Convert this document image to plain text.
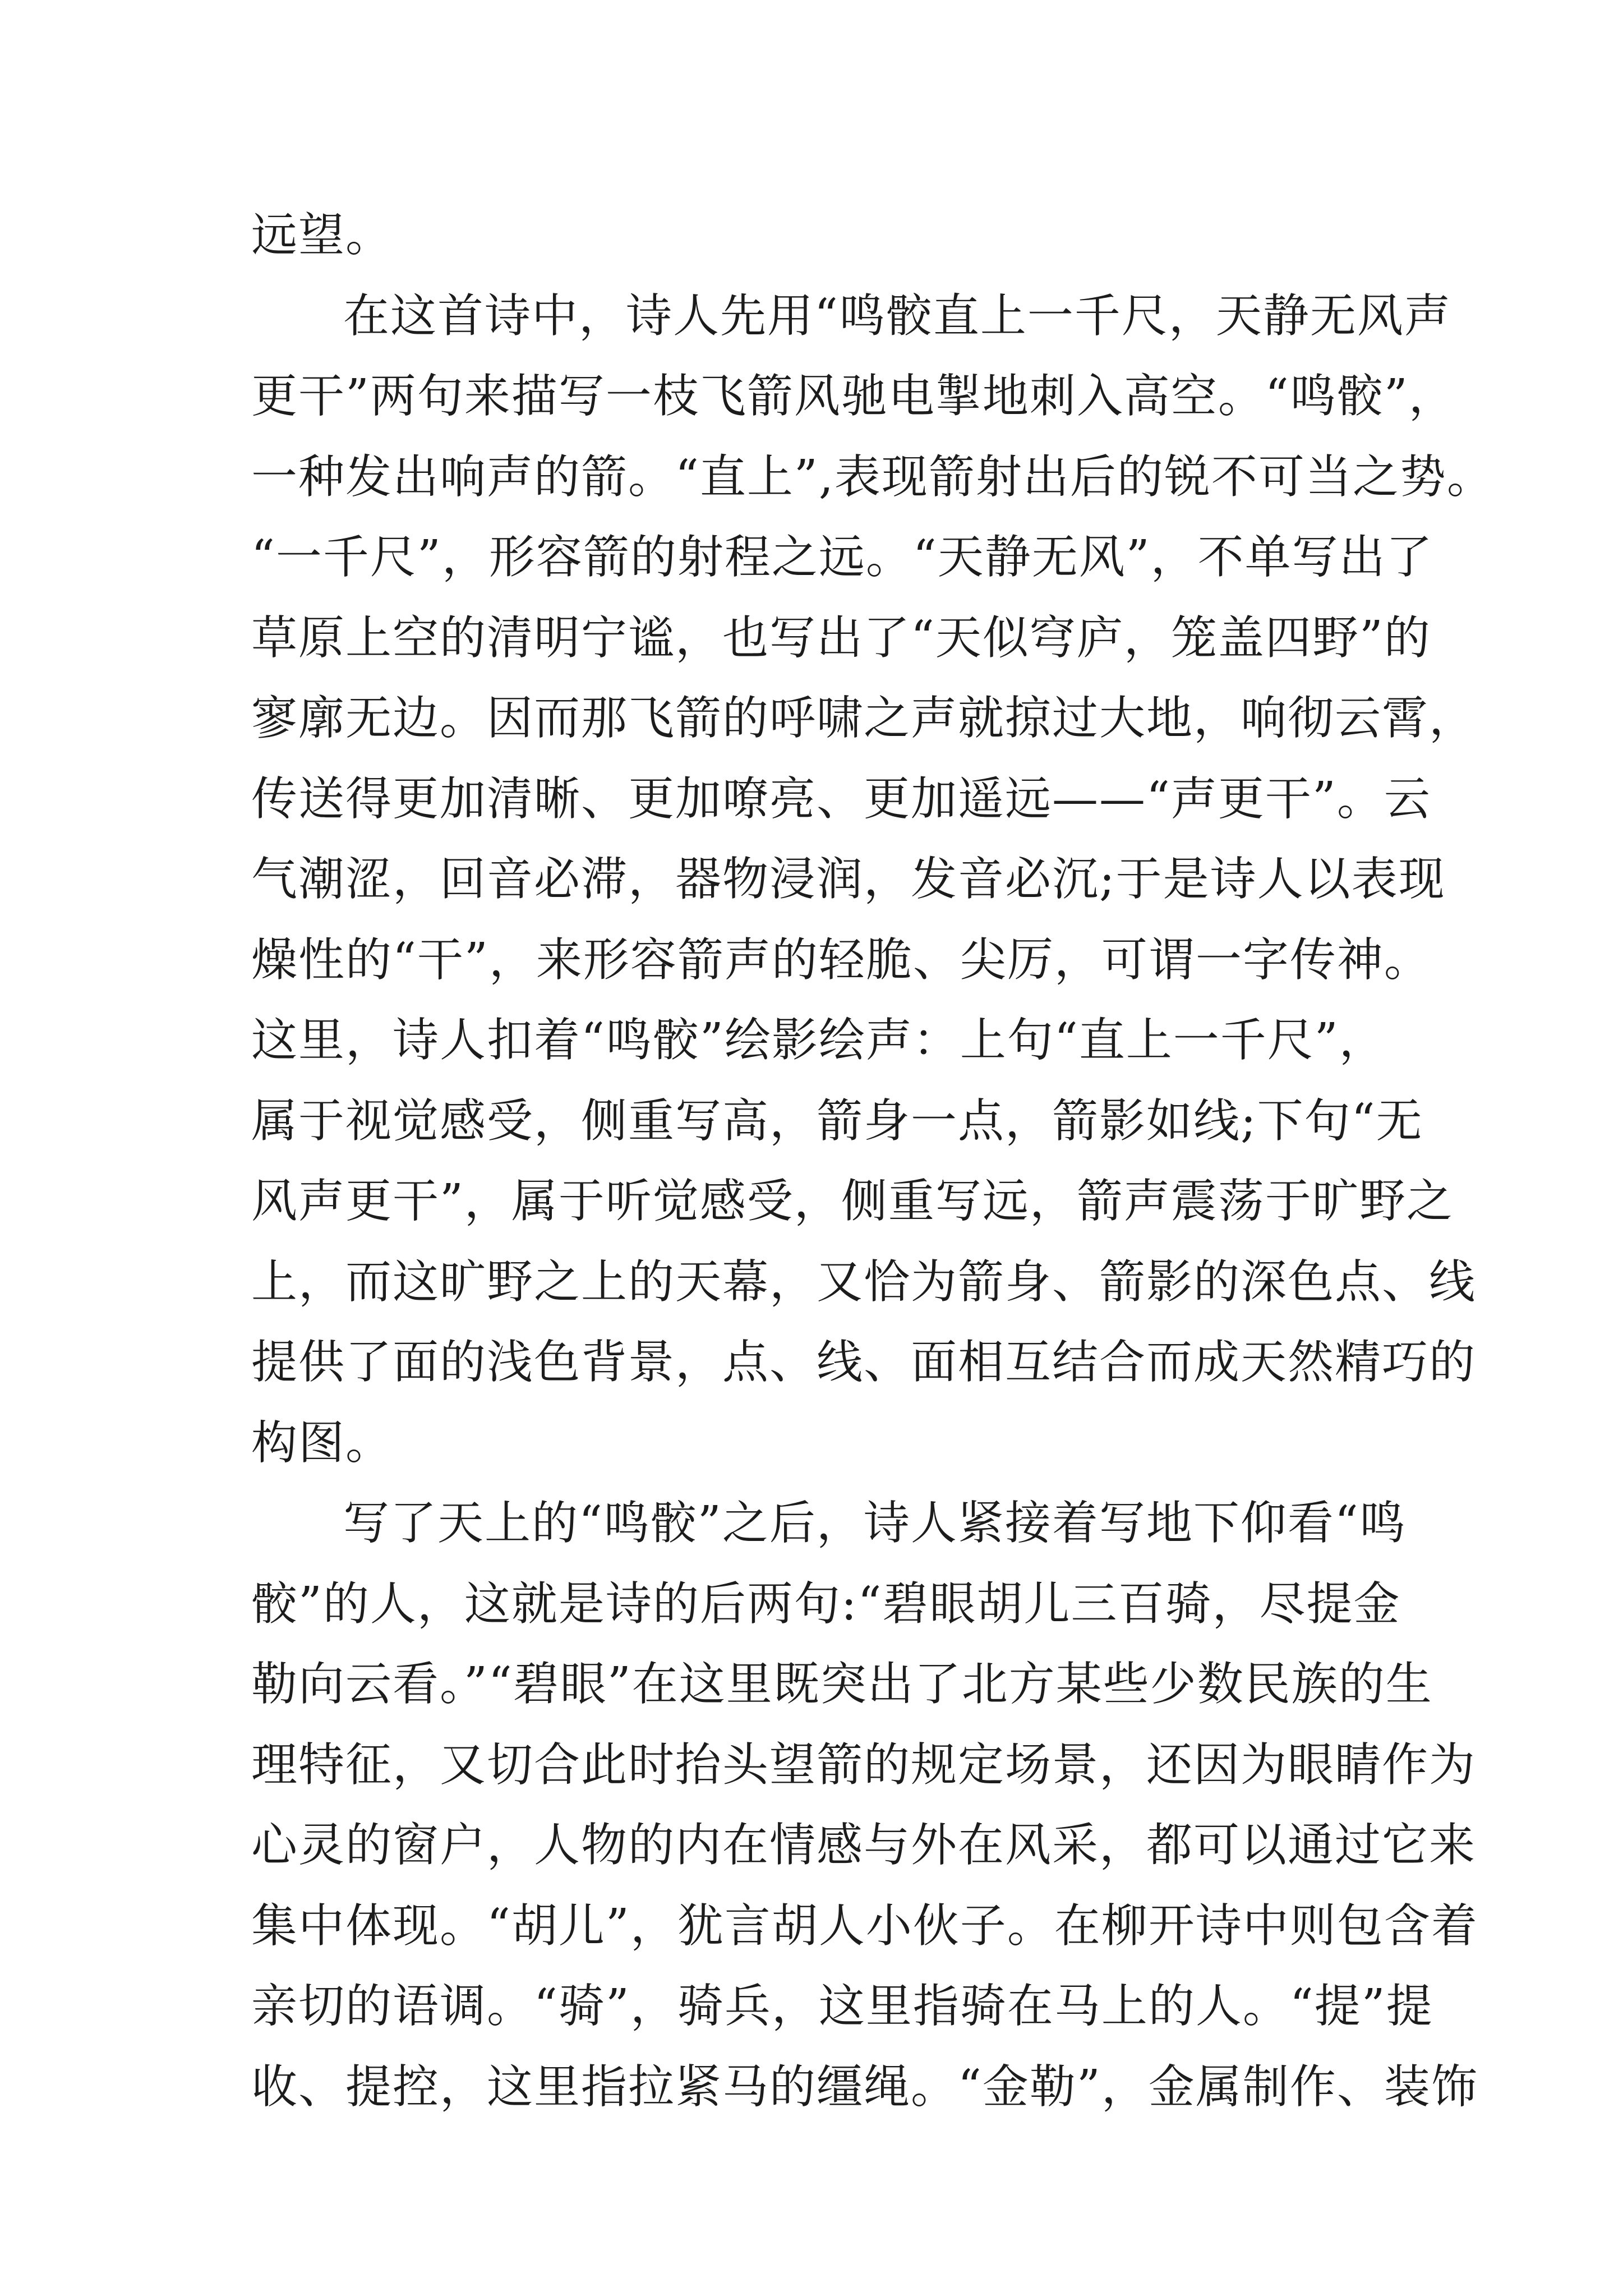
远望。
在这首诗中，诗人先用“鸣骹直上一千尺，天静无风声
更干”两句来描写一枝飞箭风驰电掣地刺入高空。“鸣骹”，
一种发出响声的箭。“直上”,表现箭射出后的锐不可当之势。
“一千尺”，形容箭的射程之远。“天静无风”，不单写出了
草原上空的清明宁谧，也写出了“天似穹庐，笼盖四野”的
寥廓无边。因而那飞箭的呼啸之声就掠过大地，响彻云霄，
传送得更加清晰、更加嘹亮、更加遥远——“声更干”。云
气潮涩，回音必滞，器物浸润，发音必沉;于是诗人以表现
燥性的“干”，来形容箭声的轻脆、尖厉，可谓一字传神。
这里，诗人扣着“鸣骹”绘影绘声：上句“直上一千尺”，
属于视觉感受，侧重写高，箭身一点，箭影如线;下句“无
风声更干”，属于听觉感受，侧重写远，箭声震荡于旷野之
上，而这旷野之上的天幕，又恰为箭身、箭影的深色点、线
提供了面的浅色背景，点、线、面相互结合而成天然精巧的
构图。
写了天上的“鸣骹”之后，诗人紧接着写地下仰看“鸣
骹”的人，这就是诗的后两句:“碧眼胡儿三百骑，尽提金
勒向云看。”“碧眼”在这里既突出了北方某些少数民族的生
理特征，又切合此时抬头望箭的规定场景，还因为眼睛作为
心灵的窗户，人物的内在情感与外在风采，都可以通过它来
集中体现。“胡儿”，犹言胡人小伙子。在柳开诗中则包含着
亲切的语调。“骑”，骑兵，这里指骑在马上的人。“提”提
收、提控，这里指拉紧马的缰绳。“金勒”，金属制作、装饰
